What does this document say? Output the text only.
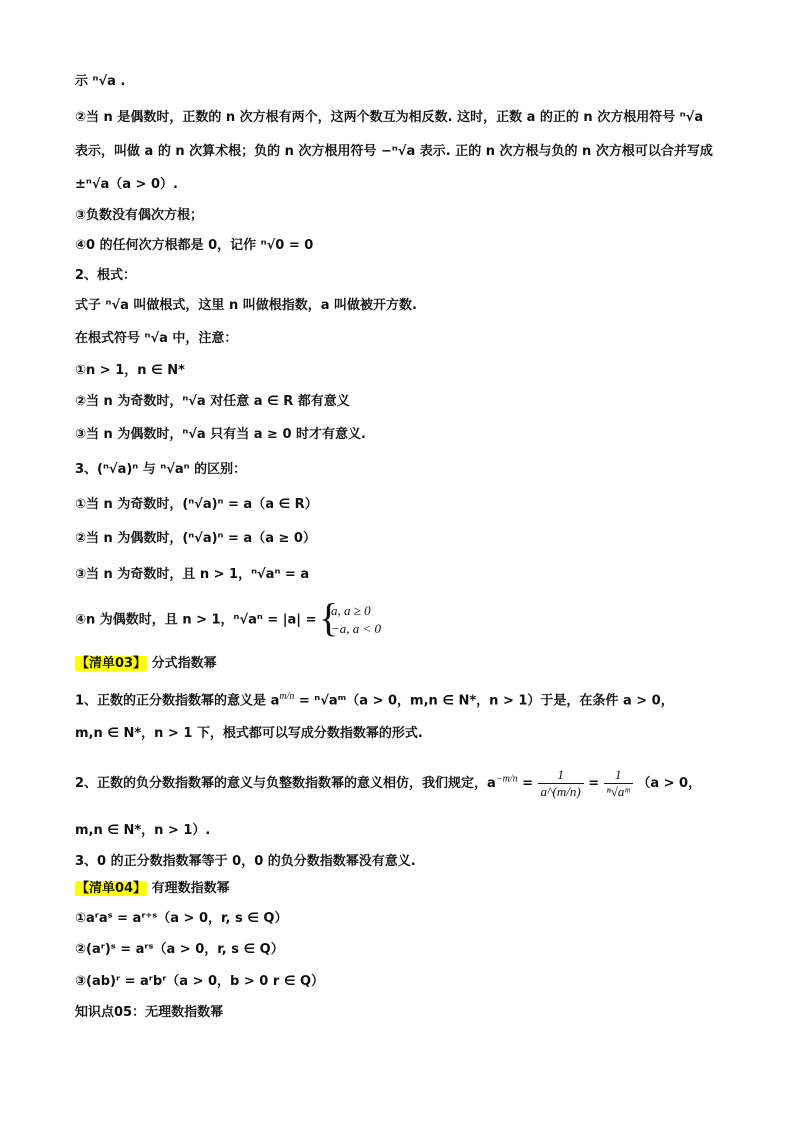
示 ⁿ√a .
②当 n 是偶数时，正数的 n 次方根有两个，这两个数互为相反数. 这时，正数 a 的正的 n 次方根用符号 ⁿ√a
表示，叫做 a 的 n 次算术根；负的 n 次方根用符号 −ⁿ√a 表示. 正的 n 次方根与负的 n 次方根可以合并写成
±ⁿ√a（a > 0）.
③负数没有偶次方根；
④0 的任何次方根都是 0，记作 ⁿ√0 = 0
2、根式：
式子 ⁿ√a 叫做根式，这里 n 叫做根指数，a 叫做被开方数.
在根式符号 ⁿ√a 中，注意：
①n > 1，n ∈ N*
②当 n 为奇数时，ⁿ√a 对任意 a ∈ R 都有意义
③当 n 为偶数时，ⁿ√a 只有当 a ≥ 0 时才有意义.
3、(ⁿ√a)ⁿ 与 ⁿ√aⁿ 的区别：
①当 n 为奇数时，(ⁿ√a)ⁿ = a（a ∈ R）
②当 n 为偶数时，(ⁿ√a)ⁿ = a（a ≥ 0）
③当 n 为奇数时，且 n > 1，ⁿ√aⁿ = a
④n 为偶数时，且 n > 1，ⁿ√aⁿ = |a| =
{ a, a ≥ 0
−a, a < 0
【清单03】 分式指数幂
1、正数的正分数指数幂的意义是 $a^{m/n}$ = ⁿ√aᵐ（a > 0，m,n ∈ N*，n > 1）于是，在条件 a > 0，
m,n ∈ N*，n > 1 下，根式都可以写成分数指数幂的形式.
2、正数的负分数指数幂的意义与负整数指数幂的意义相仿，我们规定，$a^{-m/n} = \frac{1}{a\^{}(m/n)} = \frac{1}{\text{ⁿ√aᵐ}} (a > 0$，
m,n ∈ N*，n > 1）.
3、0 的正分数指数幂等于 0，0 的负分数指数幂没有意义.
【清单04】 有理数指数幂
①aʳaˢ = aʳ⁺ˢ（a > 0，r, s ∈ Q）
②(aʳ)ˢ = aʳˢ（a > 0，r, s ∈ Q）
③(ab)ʳ = aʳbʳ（a > 0，b > 0 r ∈ Q）
知识点05：无理数指数幂
